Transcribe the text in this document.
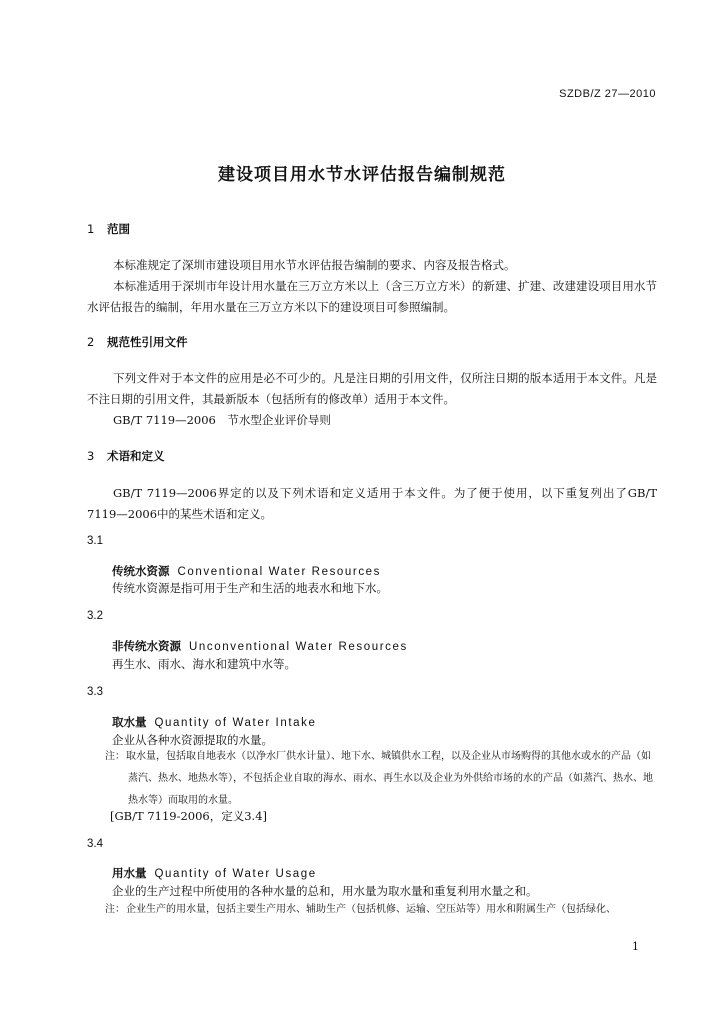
SZDB/Z 27—2010
建设项目用水节水评估报告编制规范
1 范围
本标准规定了深圳市建设项目用水节水评估报告编制的要求、内容及报告格式。
本标准适用于深圳市年设计用水量在三万立方米以上（含三万立方米）的新建、扩建、改建建设项目用水节水评估报告的编制，年用水量在三万立方米以下的建设项目可参照编制。
2 规范性引用文件
下列文件对于本文件的应用是必不可少的。凡是注日期的引用文件，仅所注日期的版本适用于本文件。凡是不注日期的引用文件，其最新版本（包括所有的修改单）适用于本文件。
GB/T 7119—2006　节水型企业评价导则
3 术语和定义
GB/T 7119—2006界定的以及下列术语和定义适用于本文件。为了便于使用，以下重复列出了GB/T 7119—2006中的某些术语和定义。
3.1
传统水资源 Conventional Water Resources
传统水资源是指可用于生产和生活的地表水和地下水。
3.2
非传统水资源 Unconventional Water Resources
再生水、雨水、海水和建筑中水等。
3.3
取水量 Quantity of Water Intake
企业从各种水资源提取的水量。
注： 取水量，包括取自地表水（以净水厂供水计量）、地下水、城镇供水工程，以及企业从市场购得的其他水或水的产品（如蒸汽、热水、地热水等），不包括企业自取的海水、雨水、再生水以及企业为外供给市场的水的产品（如蒸汽、热水、地热水等）而取用的水量。
[GB/T 7119-2006，定义3.4]
3.4
用水量 Quantity of Water Usage
企业的生产过程中所使用的各种水量的总和，用水量为取水量和重复利用水量之和。
注： 企业生产的用水量，包括主要生产用水、辅助生产（包括机修、运输、空压站等）用水和附属生产（包括绿化、
1
